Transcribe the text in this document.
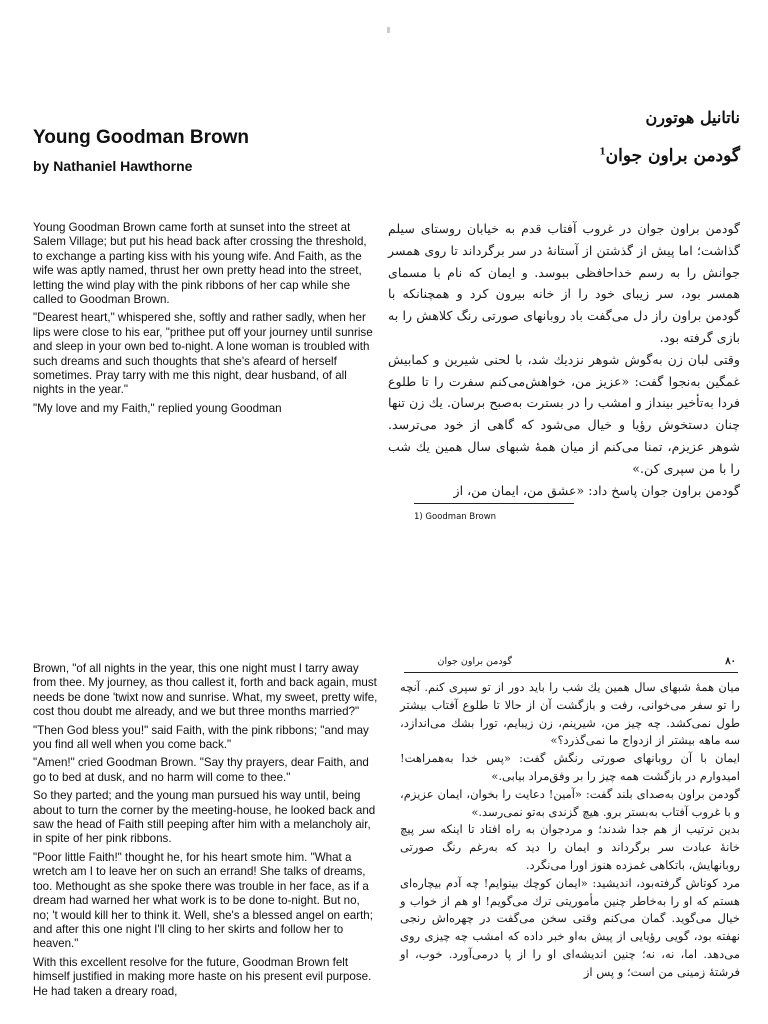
Young Goodman Brown
by Nathaniel Hawthorne

Young Goodman Brown came forth at sunset into the street at Salem Village; but put his head back after crossing the threshold, to exchange a parting kiss with his young wife. And Faith, as the wife was aptly named, thrust her own pretty head into the street, letting the wind play with the pink ribbons of her cap while she called to Goodman Brown.

"Dearest heart," whispered she, softly and rather sadly, when her lips were close to his ear, "prithee put off your journey until sunrise and sleep in your own bed to-night. A lone woman is troubled with such dreams and such thoughts that she's afeard of herself sometimes. Pray tarry with me this night, dear husband, of all nights in the year."

"My love and my Faith," replied young Goodman

Brown, "of all nights in the year, this one night must I tarry away from thee. My journey, as thou callest it, forth and back again, must needs be done 'twixt now and sunrise. What, my sweet, pretty wife, cost thou doubt me already, and we but three months married?"

"Then God bless you!" said Faith, with the pink ribbons; "and may you find all well when you come back."

"Amen!" cried Goodman Brown. "Say thy prayers, dear Faith, and go to bed at dusk, and no harm will come to thee."

So they parted; and the young man pursued his way until, being about to turn the corner by the meeting-house, he looked back and saw the head of Faith still peeping after him with a melancholy air, in spite of her pink ribbons.

"Poor little Faith!" thought he, for his heart smote him. "What a wretch am I to leave her on such an errand! She talks of dreams, too. Methought as she spoke there was trouble in her face, as if a dream had warned her what work is to be done to-night. But no, no; 't would kill her to think it. Well, she's a blessed angel on earth; and after this one night I'll cling to her skirts and follow her to heaven."

With this excellent resolve for the future, Goodman Brown felt himself justified in making more haste on his present evil purpose. He had taken a dreary road,

ناتانیل هوتورن
گودمن براون جوان$^1$

گودمن براون جوان در غروب آفتاب قدم به خیابان روستای سیلم گذاشت؛ اما پیش از گذشتن از آستانهٔ در سر برگرداند تا روی همسر جوانش را به رسم خداحافظی ببوسد. و ایمان که نام با مسمای همسر بود، سر زیبای خود را از خانه بیرون کرد و همچنانکه با گودمن براون راز دل می‌گفت باد روبانهای صورتی رنگ کلاهش را به بازی گرفته بود.

وقتی لبان زن به‌گوش شوهر نزدیك شد، با لحنی شیرین و کمابیش غمگین به‌نجوا گفت: «عزیز من، خواهش‌می‌کنم سفرت را تا طلوع فردا به‌تأخیر بینداز و امشب را در بسترت به‌صبح برسان. یك زن تنها چنان دستخوش رؤیا و خیال می‌شود که گاهی از خود می‌ترسد. شوهر عزیزم، تمنا می‌کنم از میان همهٔ شبهای سال همین یك شب را با من سپری کن.»

گودمن براون جوان پاسخ داد: «عشق من، ایمان من، از

1) Goodman Brown
۸۰
گودمن براون جوان

میان همهٔ شبهای سال همین یك شب را باید دور از تو سپری کنم. آنچه را تو سفر می‌خوانی، رفت و بازگشت آن از حالا تا طلوع آفتاب بیشتر طول نمی‌کشد. چه چیز من، شیرینم، زن زیبایم، تورا بشك می‌اندازد، سه ماهه بیشتر از ازدواج ما نمی‌گذرد؟»

ایمان با آن روبانهای صورتی رنگش گفت: «پس خدا به‌همراهت! امیدوارم در بازگشت همه چیز را بر وفق‌مراد بیابی.»

گودمن براون به‌صدای بلند گفت: «آمین! دعایت را بخوان، ایمان عزیزم، و با غروب آفتاب به‌بستر برو. هیچ گزندی به‌تو نمی‌رسد.»

بدین ترتیب از هم جدا شدند؛ و مردجوان به راه افتاد تا اینکه سر پیچ خانهٔ عبادت سر برگرداند و ایمان را دید که به‌رغم رنگ صورتی روبانهایش، باتکاهی غمزده هنوز اورا می‌نگرد.

مرد کوتاش گرفته‌بود، اندیشید: «ایمان کوچك بینوایم! چه آدم بیچاره‌ای هستم که او را به‌خاطر چنین مأموریتی ترك می‌گویم! او هم از خواب و خیال می‌گوید. گمان می‌کنم وقتی سخن می‌گفت در چهره‌اش رنجی نهفته بود، گویی رؤیایی از پیش به‌او خبر داده که امشب چه چیزی روی می‌دهد. اما، نه، نه؛ چنین اندیشه‌ای او را از پا درمی‌آورد. خوب، او فرشتهٔ زمینی من است؛ و پس از
